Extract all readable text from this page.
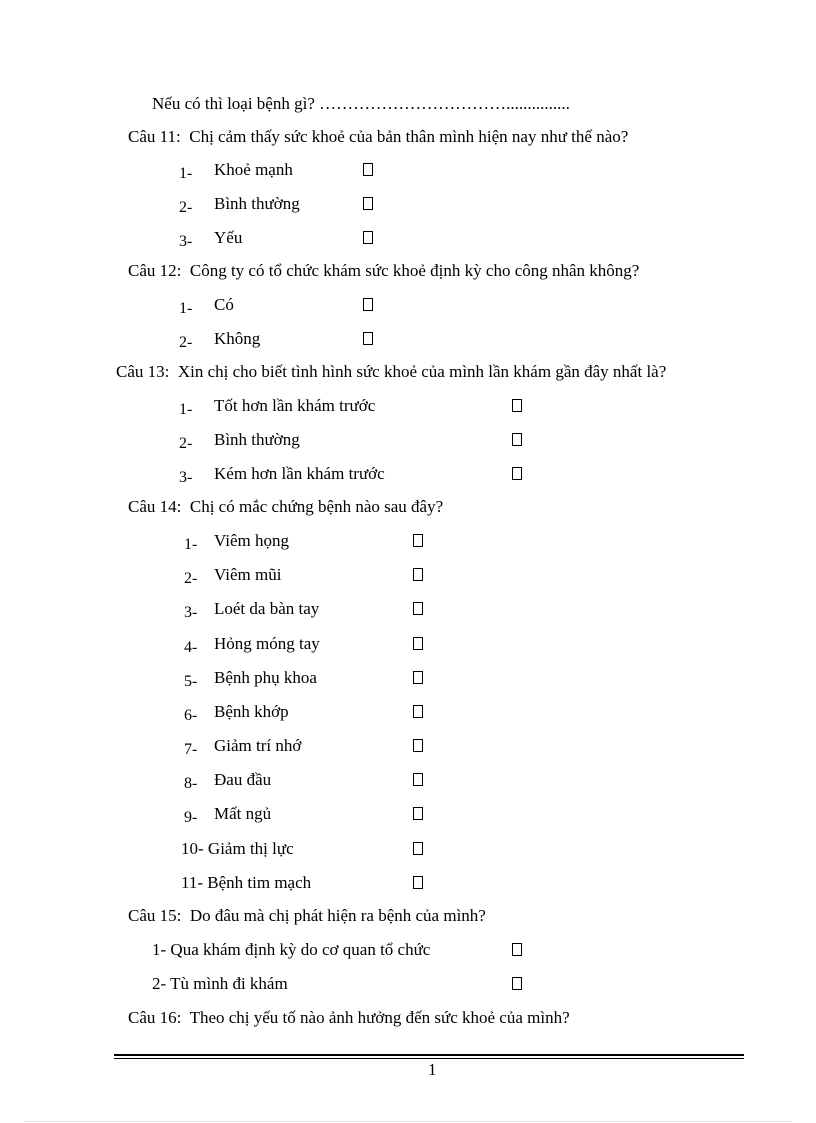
Nếu có thì loại bệnh gì? ……………………………...............
Câu 11: Chị cảm thấy sức khoẻ của bản thân mình hiện nay như thế nào?
1- Khoẻ mạnh
2- Bình thường
3- Yếu
Câu 12: Công ty có tổ chức khám sức khoẻ định kỳ cho công nhân không?
1- Có
2- Không
Câu 13: Xin chị cho biết tình hình sức khoẻ của mình lần khám gần đây nhất là?
1- Tốt hơn lần khám trước
2- Bình thường
3- Kém hơn lần khám trước
Câu 14: Chị có mắc chứng bệnh nào sau đây?
1- Viêm họng
2- Viêm mũi
3- Loét da bàn tay
4- Hỏng móng tay
5- Bệnh phụ khoa
6- Bệnh khớp
7- Giảm trí nhớ
8- Đau đầu
9- Mất ngủ
10- Giảm thị lực
11- Bệnh tim mạch
Câu 15: Do đâu mà chị phát hiện ra bệnh của mình?
1- Qua khám định kỳ do cơ quan tổ chức
2- Tù mình đi khám
Câu 16: Theo chị yếu tố nào ảnh hưởng đến sức khoẻ của mình?
1
